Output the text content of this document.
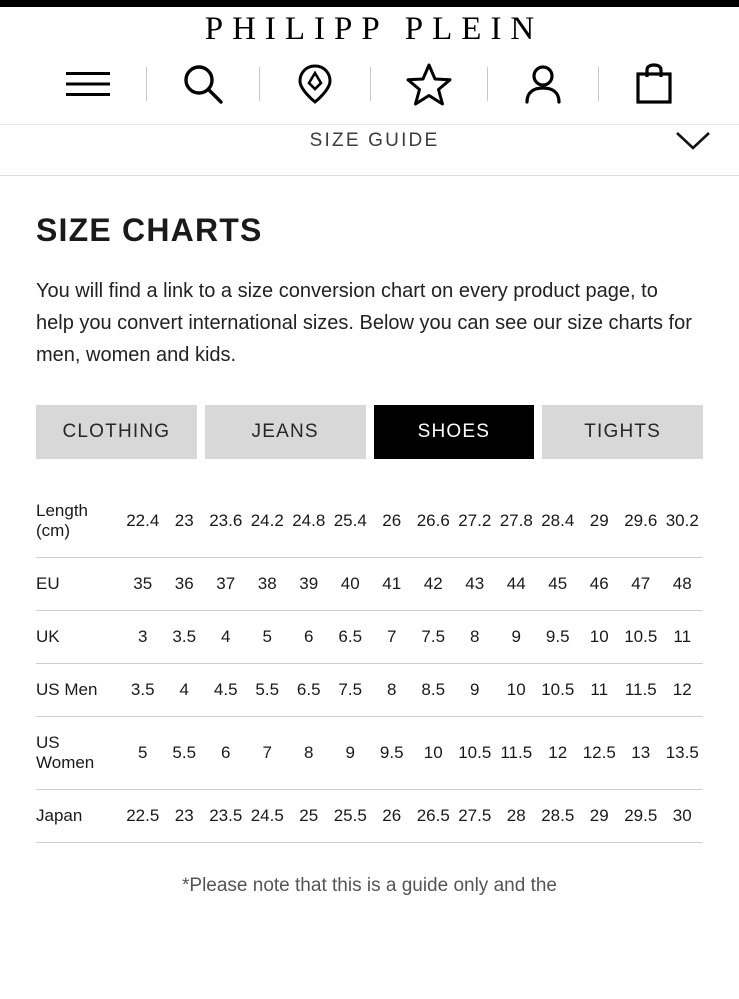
PHILIPP PLEIN
SIZE GUIDE
SIZE CHARTS

You will find a link to a size conversion chart on every product page, to help you convert international sizes. Below you can see our size charts for men, women and kids.

CLOTHING	JEANS	SHOES	TIGHTS
Length (cm)	22.4	23	23.6	24.2	24.8	25.4	26	26.6	27.2	27.8	28.4	29	29.6	30.2
EU	35	36	37	38	39	40	41	42	43	44	45	46	47	48
UK	3	3.5	4	5	6	6.5	7	7.5	8	9	9.5	10	10.5	11
US Men	3.5	4	4.5	5.5	6.5	7.5	8	8.5	9	10	10.5	11	11.5	12
US Women	5	5.5	6	7	8	9	9.5	10	10.5	11.5	12	12.5	13	13.5
Japan	22.5	23	23.5	24.5	25	25.5	26	26.5	27.5	28	28.5	29	29.5	30
*Please note that this is a guide only and the
